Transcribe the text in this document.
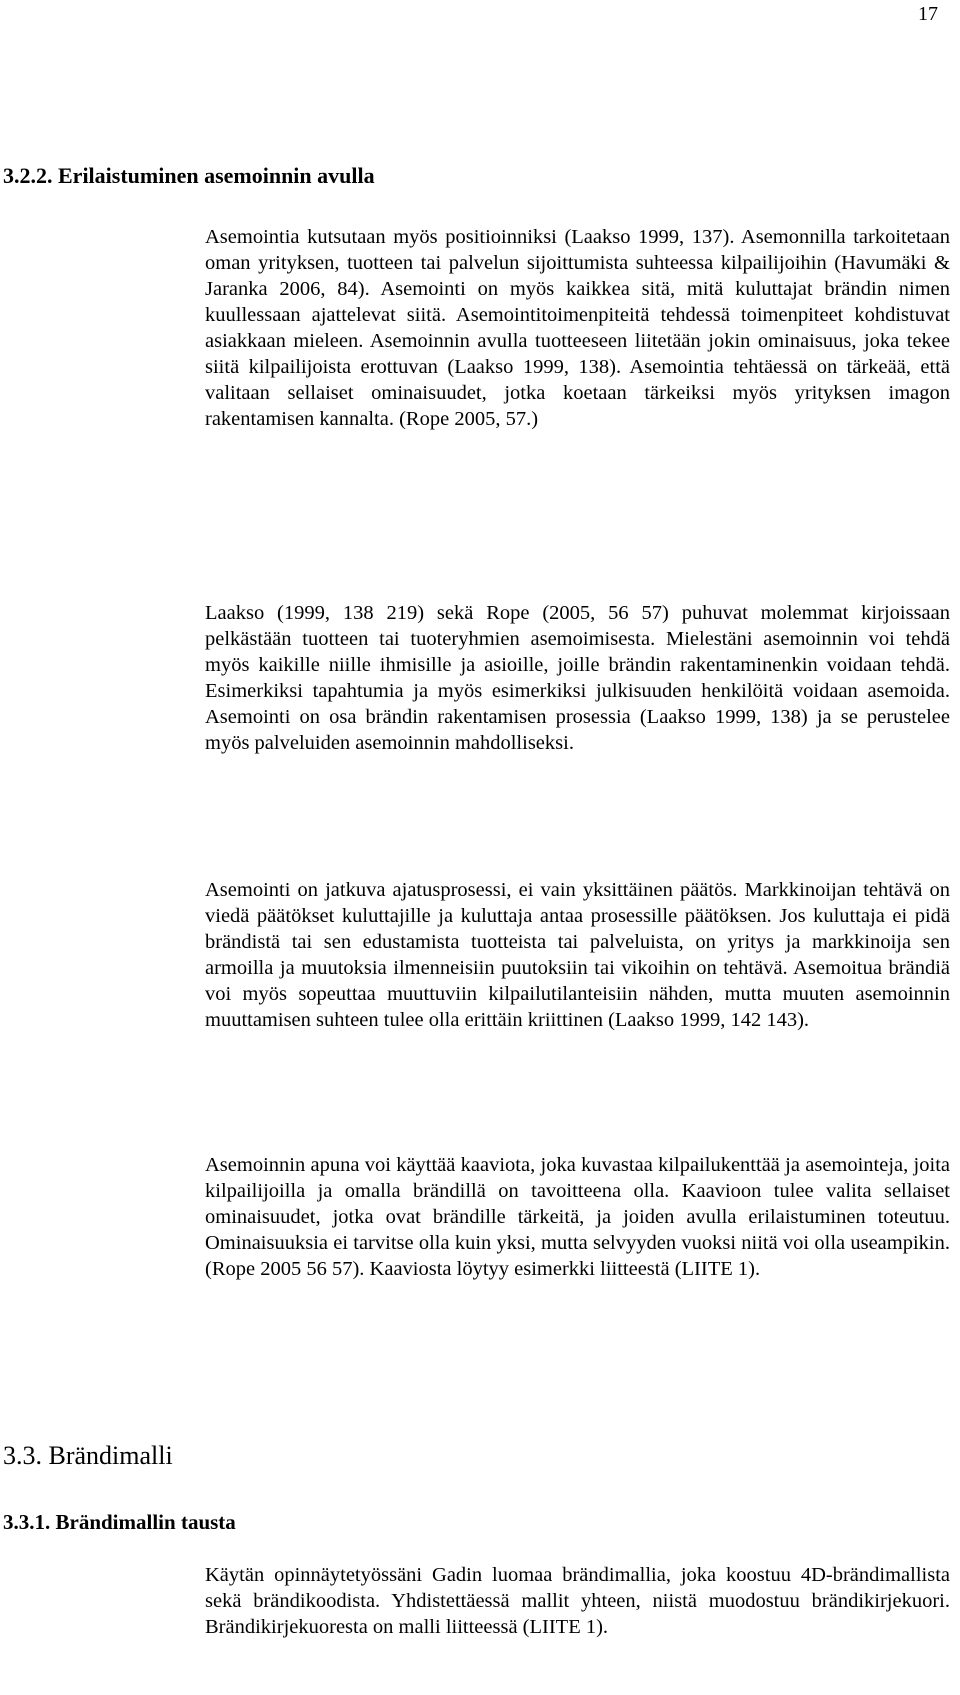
17
3.2.2. Erilaistuminen asemoinnin avulla

Asemointia kutsutaan myös positioinniksi (Laakso 1999, 137). Asemonnilla tarkoitetaan oman yrityksen, tuotteen tai palvelun sijoittumista suhteessa kilpailijoihin (Havumäki & Jaranka 2006, 84). Asemointi on myös kaikkea sitä, mitä kuluttajat brändin nimen kuullessaan ajattelevat siitä. Asemointitoimenpiteitä tehdessä toimenpiteet kohdistuvat asiakkaan mieleen. Asemoinnin avulla tuotteeseen liitetään jokin ominaisuus, joka tekee siitä kilpailijoista erottuvan (Laakso 1999, 138). Asemointia tehtäessä on tärkeää, että valitaan sellaiset ominaisuudet, jotka koetaan tärkeiksi myös yrityksen imagon rakentamisen kannalta. (Rope 2005, 57.)

Laakso (1999, 138 219) sekä Rope (2005, 56 57) puhuvat molemmat kirjoissaan pelkästään tuotteen tai tuoteryhmien asemoimisesta. Mielestäni asemoinnin voi tehdä myös kaikille niille ihmisille ja asioille, joille brändin rakentaminenkin voidaan tehdä. Esimerkiksi tapahtumia ja myös esimerkiksi julkisuuden henkilöitä voidaan asemoida. Asemointi on osa brändin rakentamisen prosessia (Laakso 1999, 138) ja se perustelee myös palveluiden asemoinnin mahdolliseksi.

Asemointi on jatkuva ajatusprosessi, ei vain yksittäinen päätös. Markkinoijan tehtävä on viedä päätökset kuluttajille ja kuluttaja antaa prosessille päätöksen. Jos kuluttaja ei pidä brändistä tai sen edustamista tuotteista tai palveluista, on yritys ja markkinoija sen armoilla ja muutoksia ilmenneisiin puutoksiin tai vikoihin on tehtävä. Asemoitua brändiä voi myös sopeuttaa muuttuviin kilpailutilanteisiin nähden, mutta muuten asemoinnin muuttamisen suhteen tulee olla erittäin kriittinen (Laakso 1999, 142 143).

Asemoinnin apuna voi käyttää kaaviota, joka kuvastaa kilpailukenttää ja asemointeja, joita kilpailijoilla ja omalla brändillä on tavoitteena olla. Kaavioon tulee valita sellaiset ominaisuudet, jotka ovat brändille tärkeitä, ja joiden avulla erilaistuminen toteutuu. Ominaisuuksia ei tarvitse olla kuin yksi, mutta selvyyden vuoksi niitä voi olla useampikin. (Rope 2005 56 57). Kaaviosta löytyy esimerkki liitteestä (LIITE 1).

3.3. Brändimalli
3.3.1. Brändimallin tausta

Käytän opinnäytetyössäni Gadin luomaa brändimallia, joka koostuu 4D-brändimallista sekä brändikoodista. Yhdistettäessä mallit yhteen, niistä muodostuu brändikirjekuori. Brändikirjekuoresta on malli liitteessä (LIITE 1).
